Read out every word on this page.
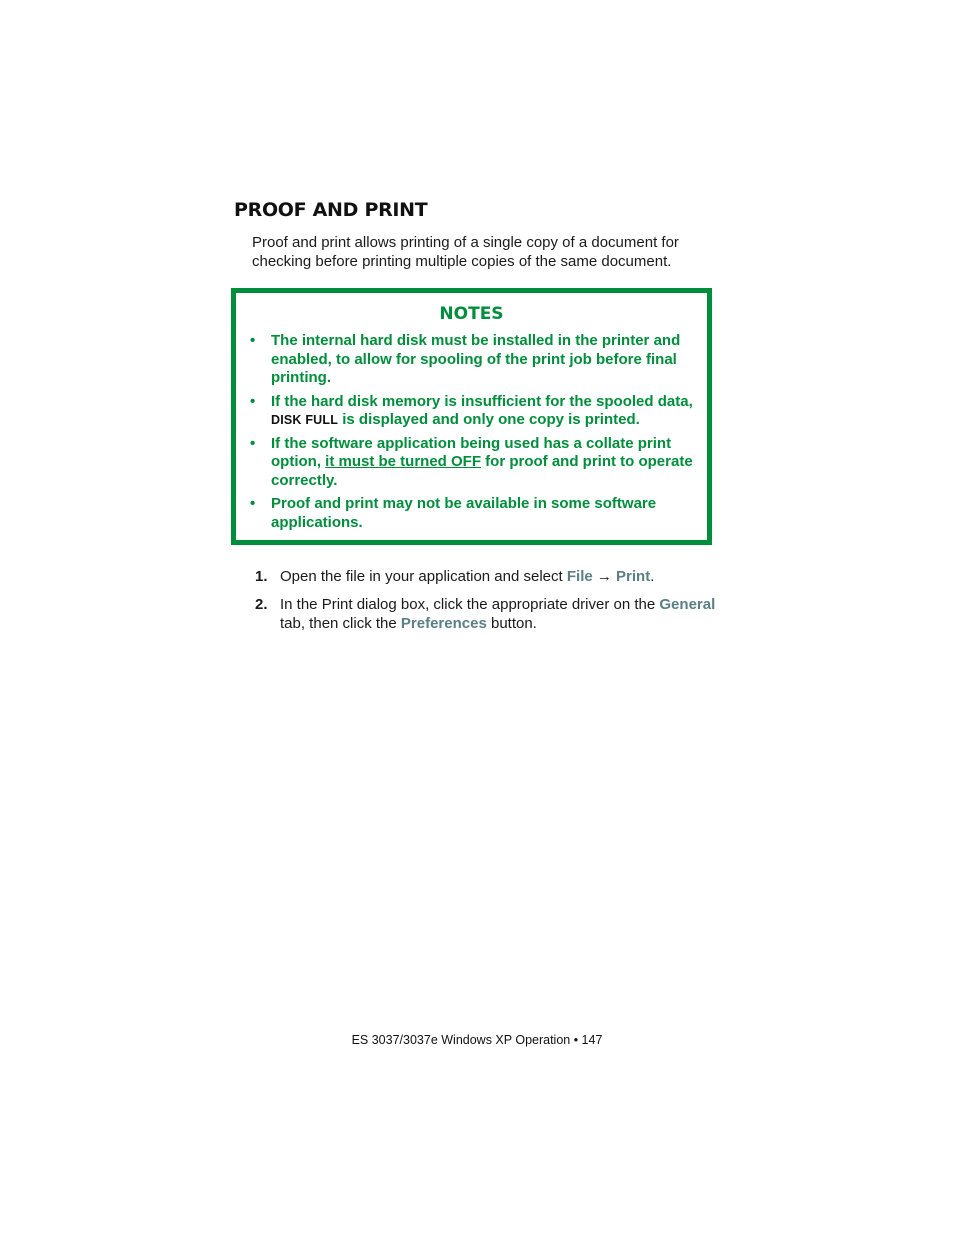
PROOF AND PRINT

Proof and print allows printing of a single copy of a document for checking before printing multiple copies of the same document.

NOTES
• The internal hard disk must be installed in the printer and enabled, to allow for spooling of the print job before final printing.
• If the hard disk memory is insufficient for the spooled data, DISK FULL is displayed and only one copy is printed.
• If the software application being used has a collate print option, it must be turned OFF for proof and print to operate correctly.
• Proof and print may not be available in some software applications.
1. Open the file in your application and select File → Print.
2. In the Print dialog box, click the appropriate driver on the General tab, then click the Preferences button.

ES 3037/3037e Windows XP Operation • 147
